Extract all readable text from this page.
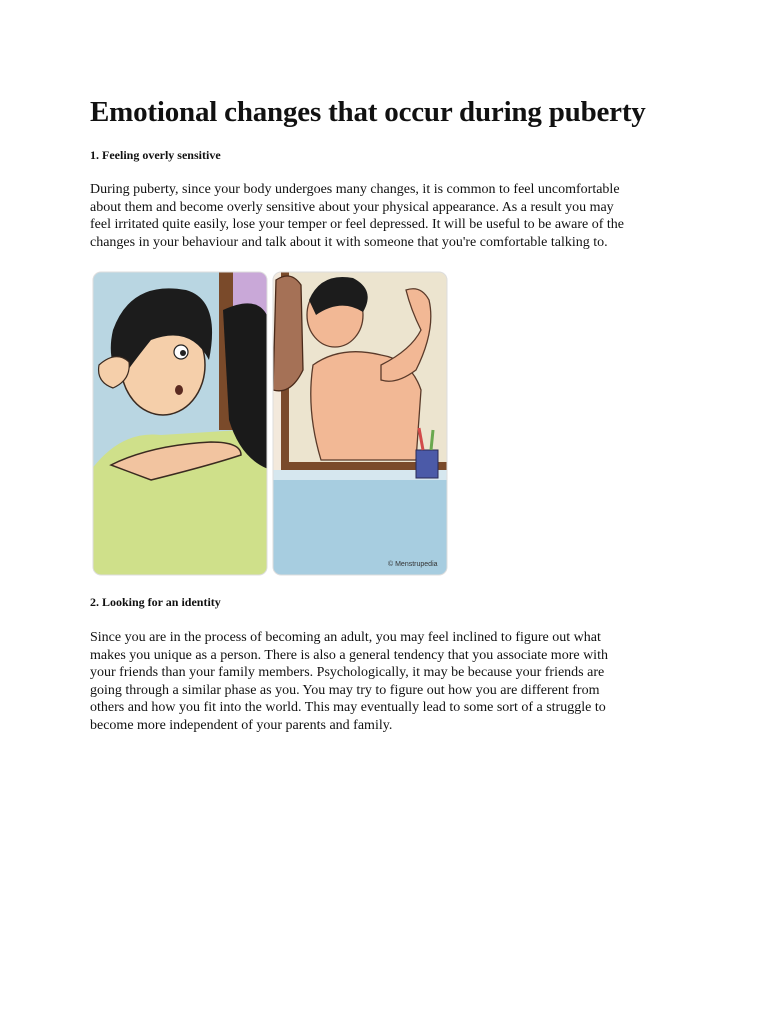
Emotional changes that occur during puberty
1. Feeling overly sensitive
During puberty, since your body undergoes many changes, it is common to feel uncomfortable
about them and become overly sensitive about your physical appearance. As a result you may
feel irritated quite easily, lose your temper or feel depressed. It will be useful to be aware of the
changes in your behaviour and talk about it with someone that you're comfortable talking to.
2. Looking for an identity
Since you are in the process of becoming an adult, you may feel inclined to figure out what
makes you unique as a person. There is also a general tendency that you associate more with
your friends than your family members. Psychologically, it may be because your friends are
going through a similar phase as you. You may try to figure out how you are different from
others and how you fit into the world. This may eventually lead to some sort of a struggle to
become more independent of your parents and family.
© Menstrupedia
